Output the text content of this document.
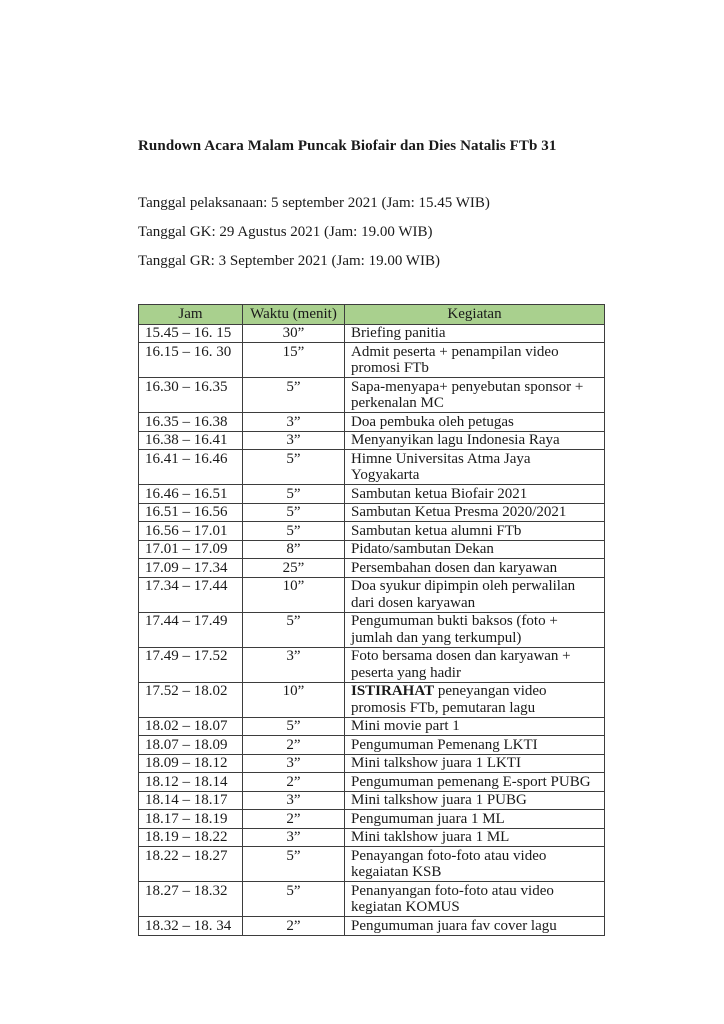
Rundown Acara Malam Puncak Biofair dan Dies Natalis FTb 31

Tanggal pelaksanaan: 5 september 2021 (Jam: 15.45 WIB)

Tanggal GK: 29 Agustus 2021 (Jam: 19.00 WIB)

Tanggal GR: 3 September 2021 (Jam: 19.00 WIB)

Jam	Waktu (menit)	Kegiatan
15.45 – 16. 15	30”	Briefing panitia
16.15 – 16. 30	15”	Admit peserta + penampilan video promosi FTb
16.30 – 16.35	5”	Sapa-menyapa+ penyebutan sponsor + perkenalan MC
16.35 – 16.38	3”	Doa pembuka oleh petugas
16.38 – 16.41	3”	Menyanyikan lagu Indonesia Raya
16.41 – 16.46	5”	Himne Universitas Atma Jaya Yogyakarta
16.46 – 16.51	5”	Sambutan ketua Biofair 2021
16.51 – 16.56	5”	Sambutan Ketua Presma 2020/2021
16.56 – 17.01	5”	Sambutan ketua alumni FTb
17.01 – 17.09	8”	Pidato/sambutan Dekan
17.09 – 17.34	25”	Persembahan dosen dan karyawan
17.34 – 17.44	10”	Doa syukur dipimpin oleh perwalilan dari dosen karyawan
17.44 – 17.49	5”	Pengumuman bukti baksos (foto + jumlah dan yang terkumpul)
17.49 – 17.52	3”	Foto bersama dosen dan karyawan + peserta yang hadir
17.52 – 18.02	10”	ISTIRAHAT peneyangan video promosis FTb, pemutaran lagu
18.02 – 18.07	5”	Mini movie part 1
18.07 – 18.09	2”	Pengumuman Pemenang LKTI
18.09 – 18.12	3”	Mini talkshow juara 1 LKTI
18.12 – 18.14	2”	Pengumuman pemenang E-sport PUBG
18.14 – 18.17	3”	Mini talkshow juara 1 PUBG
18.17 – 18.19	2”	Pengumuman juara 1 ML
18.19 – 18.22	3”	Mini taklshow juara 1 ML
18.22 – 18.27	5”	Penayangan foto-foto atau video kegaiatan KSB
18.27 – 18.32	5”	Penanyangan foto-foto atau video kegiatan KOMUS
18.32 – 18. 34	2”	Pengumuman juara fav cover lagu
